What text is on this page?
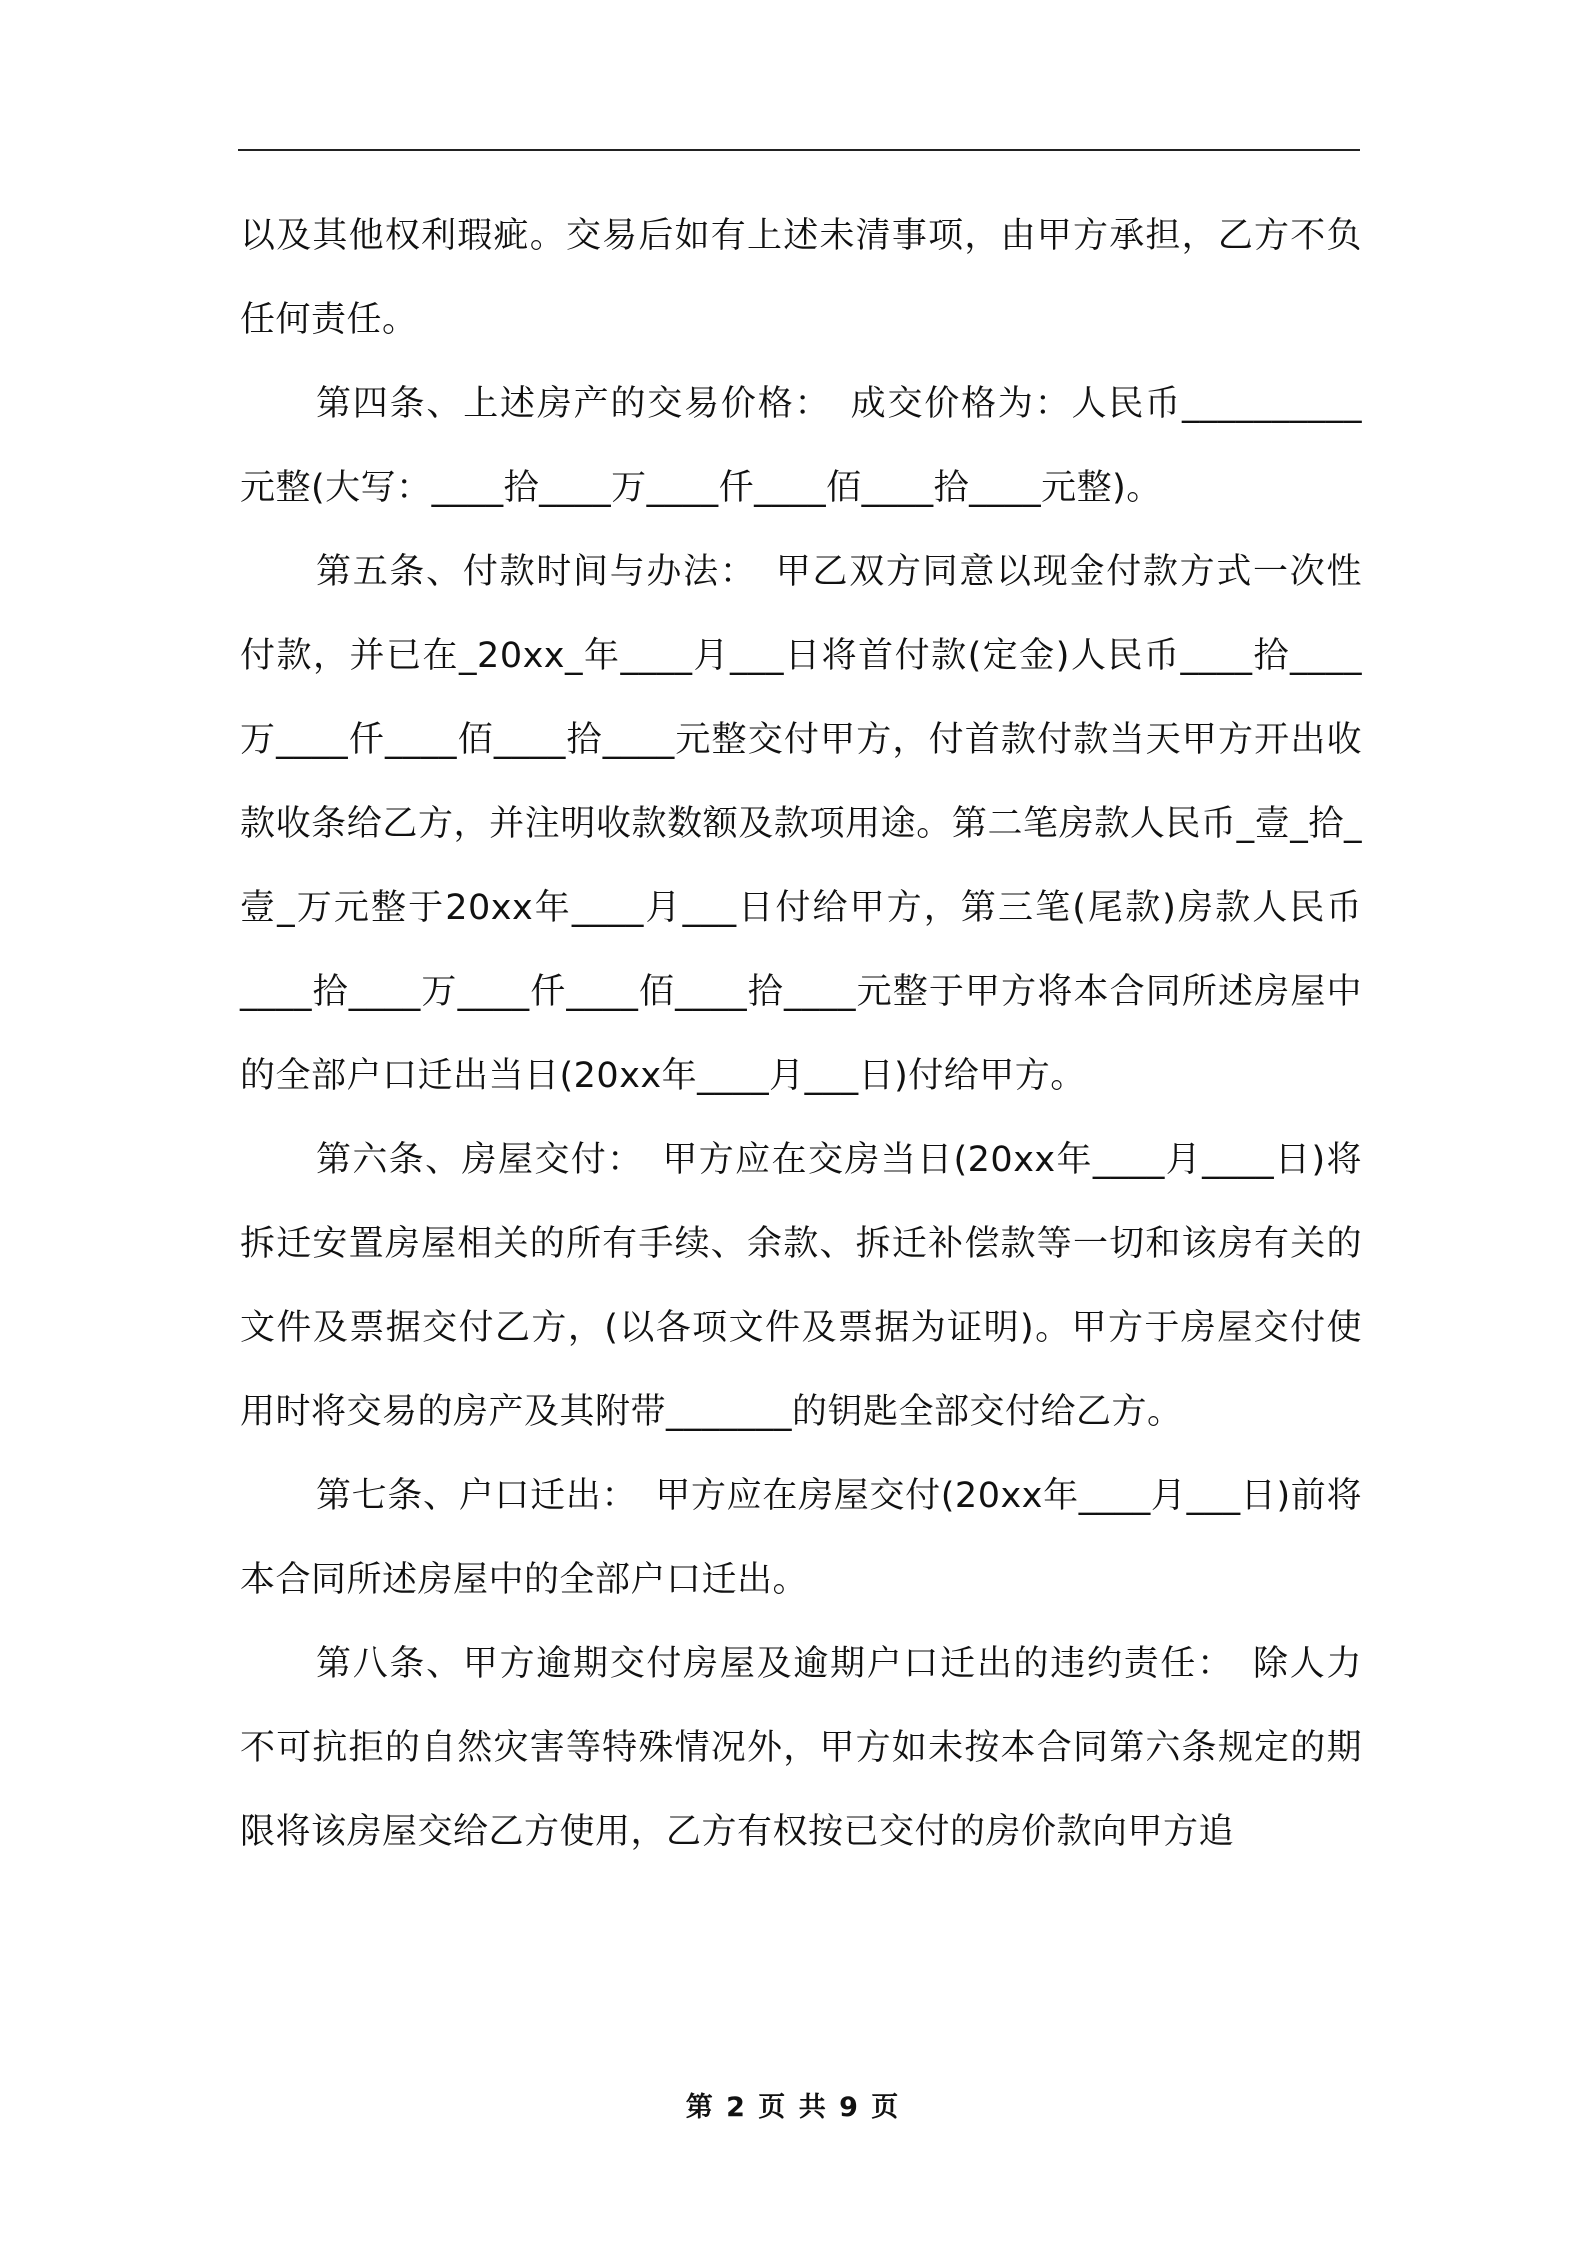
以及其他权利瑕疵。交易后如有上述未清事项，由甲方承担，乙方不负任何责任。

第四条、上述房产的交易价格：　成交价格为：人民币__________元整(大写：____拾____万____仟____佰____拾____元整)。

第五条、付款时间与办法：　甲乙双方同意以现金付款方式一次性付款，并已在_20xx_年____月___日将首付款(定金)人民币____拾____万____仟____佰____拾____元整交付甲方，付首款付款当天甲方开出收款收条给乙方，并注明收款数额及款项用途。第二笔房款人民币_壹_拾_壹_万元整于20xx年____月___日付给甲方，第三笔(尾款)房款人民币____拾____万____仟____佰____拾____元整于甲方将本合同所述房屋中的全部户口迁出当日(20xx年____月___日)付给甲方。

第六条、房屋交付：　甲方应在交房当日(20xx年____月____日)将拆迁安置房屋相关的所有手续、余款、拆迁补偿款等一切和该房有关的文件及票据交付乙方，(以各项文件及票据为证明)。甲方于房屋交付使用时将交易的房产及其附带_______的钥匙全部交付给乙方。

第七条、户口迁出：　甲方应在房屋交付(20xx年____月___日)前将本合同所述房屋中的全部户口迁出。

第八条、甲方逾期交付房屋及逾期户口迁出的违约责任：　除人力不可抗拒的自然灾害等特殊情况外，甲方如未按本合同第六条规定的期限将该房屋交给乙方使用，乙方有权按已交付的房价款向甲方追

第 2 页 共 9 页
